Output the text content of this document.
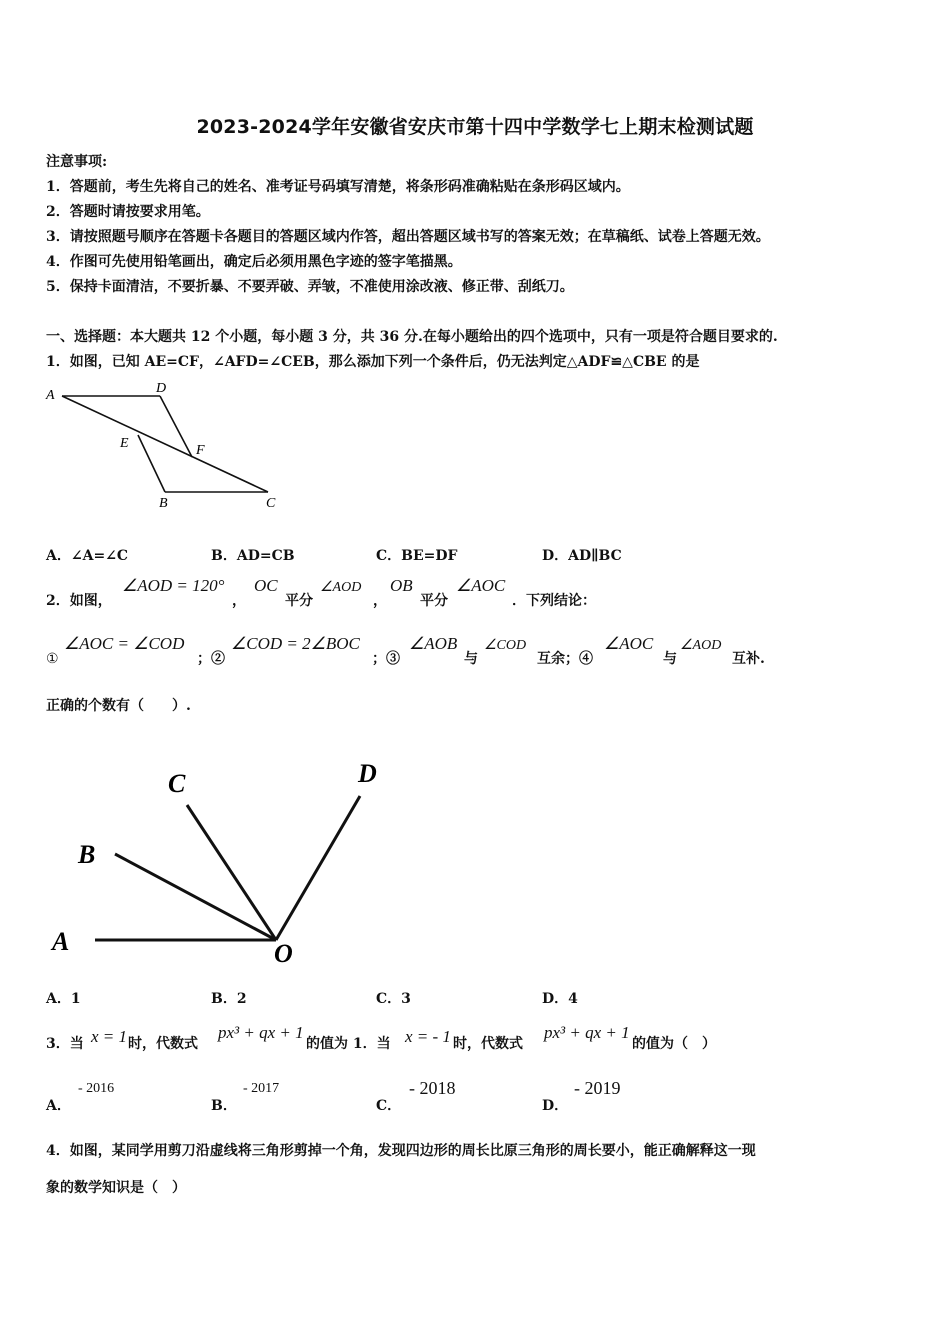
2023-2024学年安徽省安庆市第十四中学数学七上期末检测试题
注意事项:
1．答题前，考生先将自己的姓名、准考证号码填写清楚，将条形码准确粘贴在条形码区域内。
2．答题时请按要求用笔。
3．请按照题号顺序在答题卡各题目的答题区域内作答，超出答题区域书写的答案无效；在草稿纸、试卷上答题无效。
4．作图可先使用铅笔画出，确定后必须用黑色字迹的签字笔描黑。
5．保持卡面清洁，不要折暴、不要弄破、弄皱，不准使用涂改液、修正带、刮纸刀。
一、选择题：本大题共 12 个小题，每小题 3 分，共 36 分.在每小题给出的四个选项中，只有一项是符合题目要求的.
1．如图，已知 AE=CF，∠AFD=∠CEB，那么添加下列一个条件后，仍无法判定△ADF≌△CBE 的是
A	D
E	F
B	C
A．∠A=∠C	B．AD=CB	C．BE=DF	D．AD∥BC
2．如图，
∠AOD = 120°
，
OC
平分
∠AOD
，
OB
平分
∠AOC
．下列结论：
①
∠AOC = ∠COD
；②
∠COD = 2∠BOC
；③
∠AOB
与
∠COD
互余；④
∠AOC
与
∠AOD
互补.
正确的个数有（　　）.
A
B
C	D
O
A．1	B．2	C．3	D．4
3．当 x = 1 时，代数式
px³ + qx + 1
的值为 1．当 x = - 1 时，代数式
px³ + qx + 1
的值为（　）
A．
- 2016
B．
- 2017
C．
- 2018
D．
- 2019
4．如图，某同学用剪刀沿虚线将三角形剪掉一个角，发现四边形的周长比原三角形的周长要小，能正确解释这一现
象的数学知识是（　）
